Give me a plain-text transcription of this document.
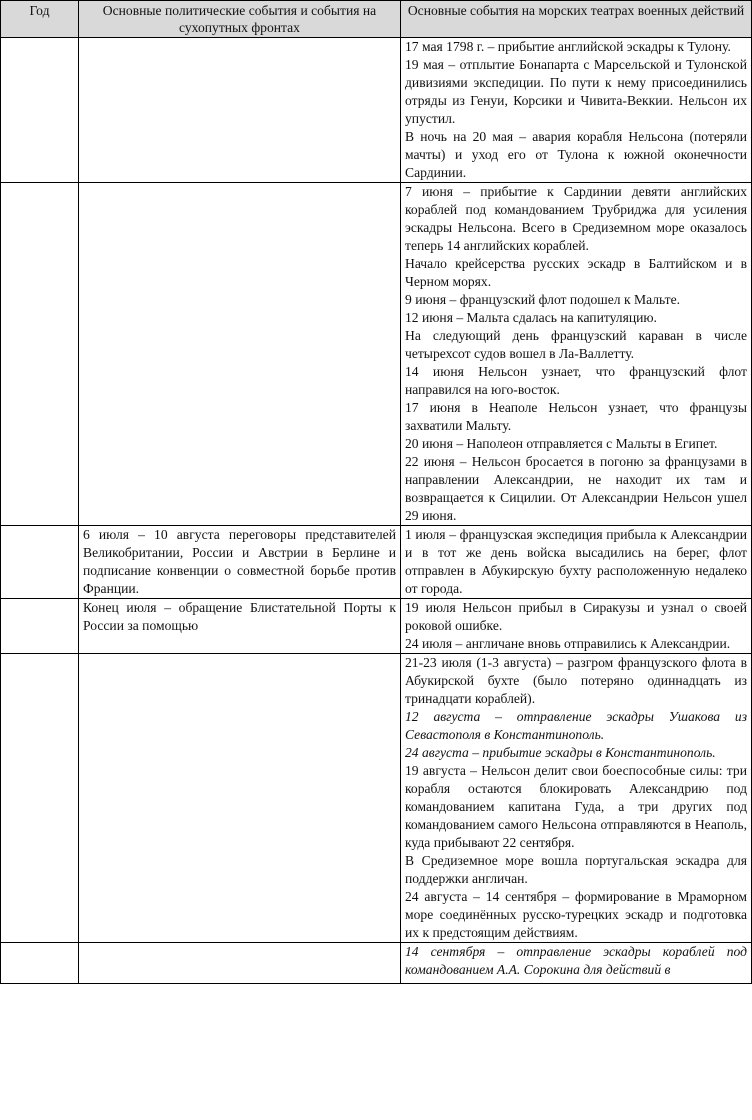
Год	Основные политические события и события на сухопутных фронтах	Основные события на морских театрах военных действий

17 мая 1798 г. – прибытие английской эскадры к Тулону.

19 мая – отплытие Бонапарта с Марсельской и Тулонской дивизиями экспедиции. По пути к нему присоединились отряды из Генуи, Корсики и Чивита-Веккии. Нельсон их упустил.

В ночь на 20 мая – авария корабля Нельсона (потеряли мачты) и уход его от Тулона к южной оконечности Сардинии.

7 июня – прибытие к Сардинии девяти английских кораблей под командованием Трубриджа для усиления эскадры Нельсона. Всего в Средиземном море оказалось теперь 14 английских кораблей.

Начало крейсерства русских эскадр в Балтийском и в Черном морях.

9 июня – французский флот подошел к Мальте.

12 июня – Мальта сдалась на капитуляцию.

На следующий день французский караван в числе четырехсот судов вошел в Ла-Валлетту.

14 июня Нельсон узнает, что французский флот направился на юго-восток.

17 июня в Неаполе Нельсон узнает, что французы захватили Мальту.

20 июня – Наполеон отправляется с Мальты в Египет.

22 июня – Нельсон бросается в погоню за французами в направлении Александрии, не находит их там и возвращается к Сицилии. От Александрии Нельсон ушел 29 июня.

6 июля – 10 августа переговоры представителей Великобритании, России и Австрии в Берлине и подписание конвенции о совместной борьбе против Франции.

1 июля – французская экспедиция прибыла к Александрии и в тот же день войска высадились на берег, флот отправлен в Абукирскую бухту расположенную недалеко от города.

Конец июля – обращение Блистательной Порты к России за помощью

19 июля Нельсон прибыл в Сиракузы и узнал о своей роковой ошибке.

24 июля – англичане вновь отправились к Александрии.

21-23 июля (1-3 августа) – разгром французского флота в Абукирской бухте (было потеряно одиннадцать из тринадцати кораблей).

12 августа – отправление эскадры Ушакова из Севастополя в Константинополь.

24 августа – прибытие эскадры в Константинополь.

19 августа – Нельсон делит свои боеспособные силы: три корабля остаются блокировать Александрию под командованием капитана Гуда, а три других под командованием самого Нельсона отправляются в Неаполь, куда прибывают 22 сентября.

В Средиземное море вошла португальская эскадра для поддержки англичан.

24 августа – 14 сентября – формирование в Мраморном море соединённых русско-турецких эскадр и подготовка их к предстоящим действиям.

14 сентября – отправление эскадры кораблей под командованием А.А. Сорокина для действий в
